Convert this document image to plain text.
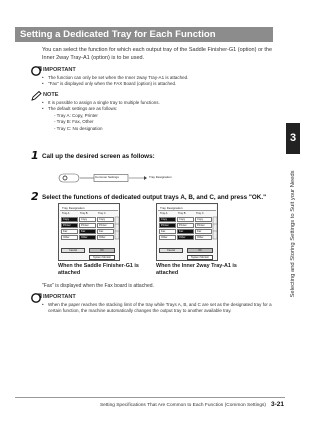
Setting a Dedicated Tray for Each Function
You can select the function for which each output tray of the Saddle Finisher-G1 (option) or the Inner 2way Tray-A1 (option) is to be used.
IMPORTANT
• The function can only be set when the Inner 2way Tray-A1 is attached.
• "Fax" is displayed only when the FAX Board (option) is attached.
NOTE
• It is possible to assign a single tray to multiple functions.
• The default settings are as follows:
- Tray A: Copy, Printer
- Tray B: Fax, Other
- Tray C: No designation
1 Call up the desired screen as follows:
Common Settings	Tray Designation
2 Select the functions of dedicated output trays A, B, and C, and press "OK."
Tray Designation
Tray A	Tray B	Tray C
Copy
Printer
Fax
Other
Copy
Printer
Fax
Other
Copy
Printer
Fax
Other
Cancel	OK
System Monitor
Tray Designation
Tray A	Tray B	Tray C
Copy
Printer
Fax
Other
Copy
Printer
Fax
Other
Copy
Printer
Fax
Other
Cancel	OK
System Monitor
When the Saddle Finisher-G1 is attached
When the Inner 2way Tray-A1 is attached
"Fax" is displayed when the Fax board is attached.
IMPORTANT
• When the paper reaches the stacking limit of the tray while Trays A, B, and C are set as the designated tray for a certain function, the machine automatically changes the output tray to another available tray.
3
Selecting and Storing Settings to Suit your Needs
Setting Specifications That Are Common to Each Function (Common Settings) 3-21
